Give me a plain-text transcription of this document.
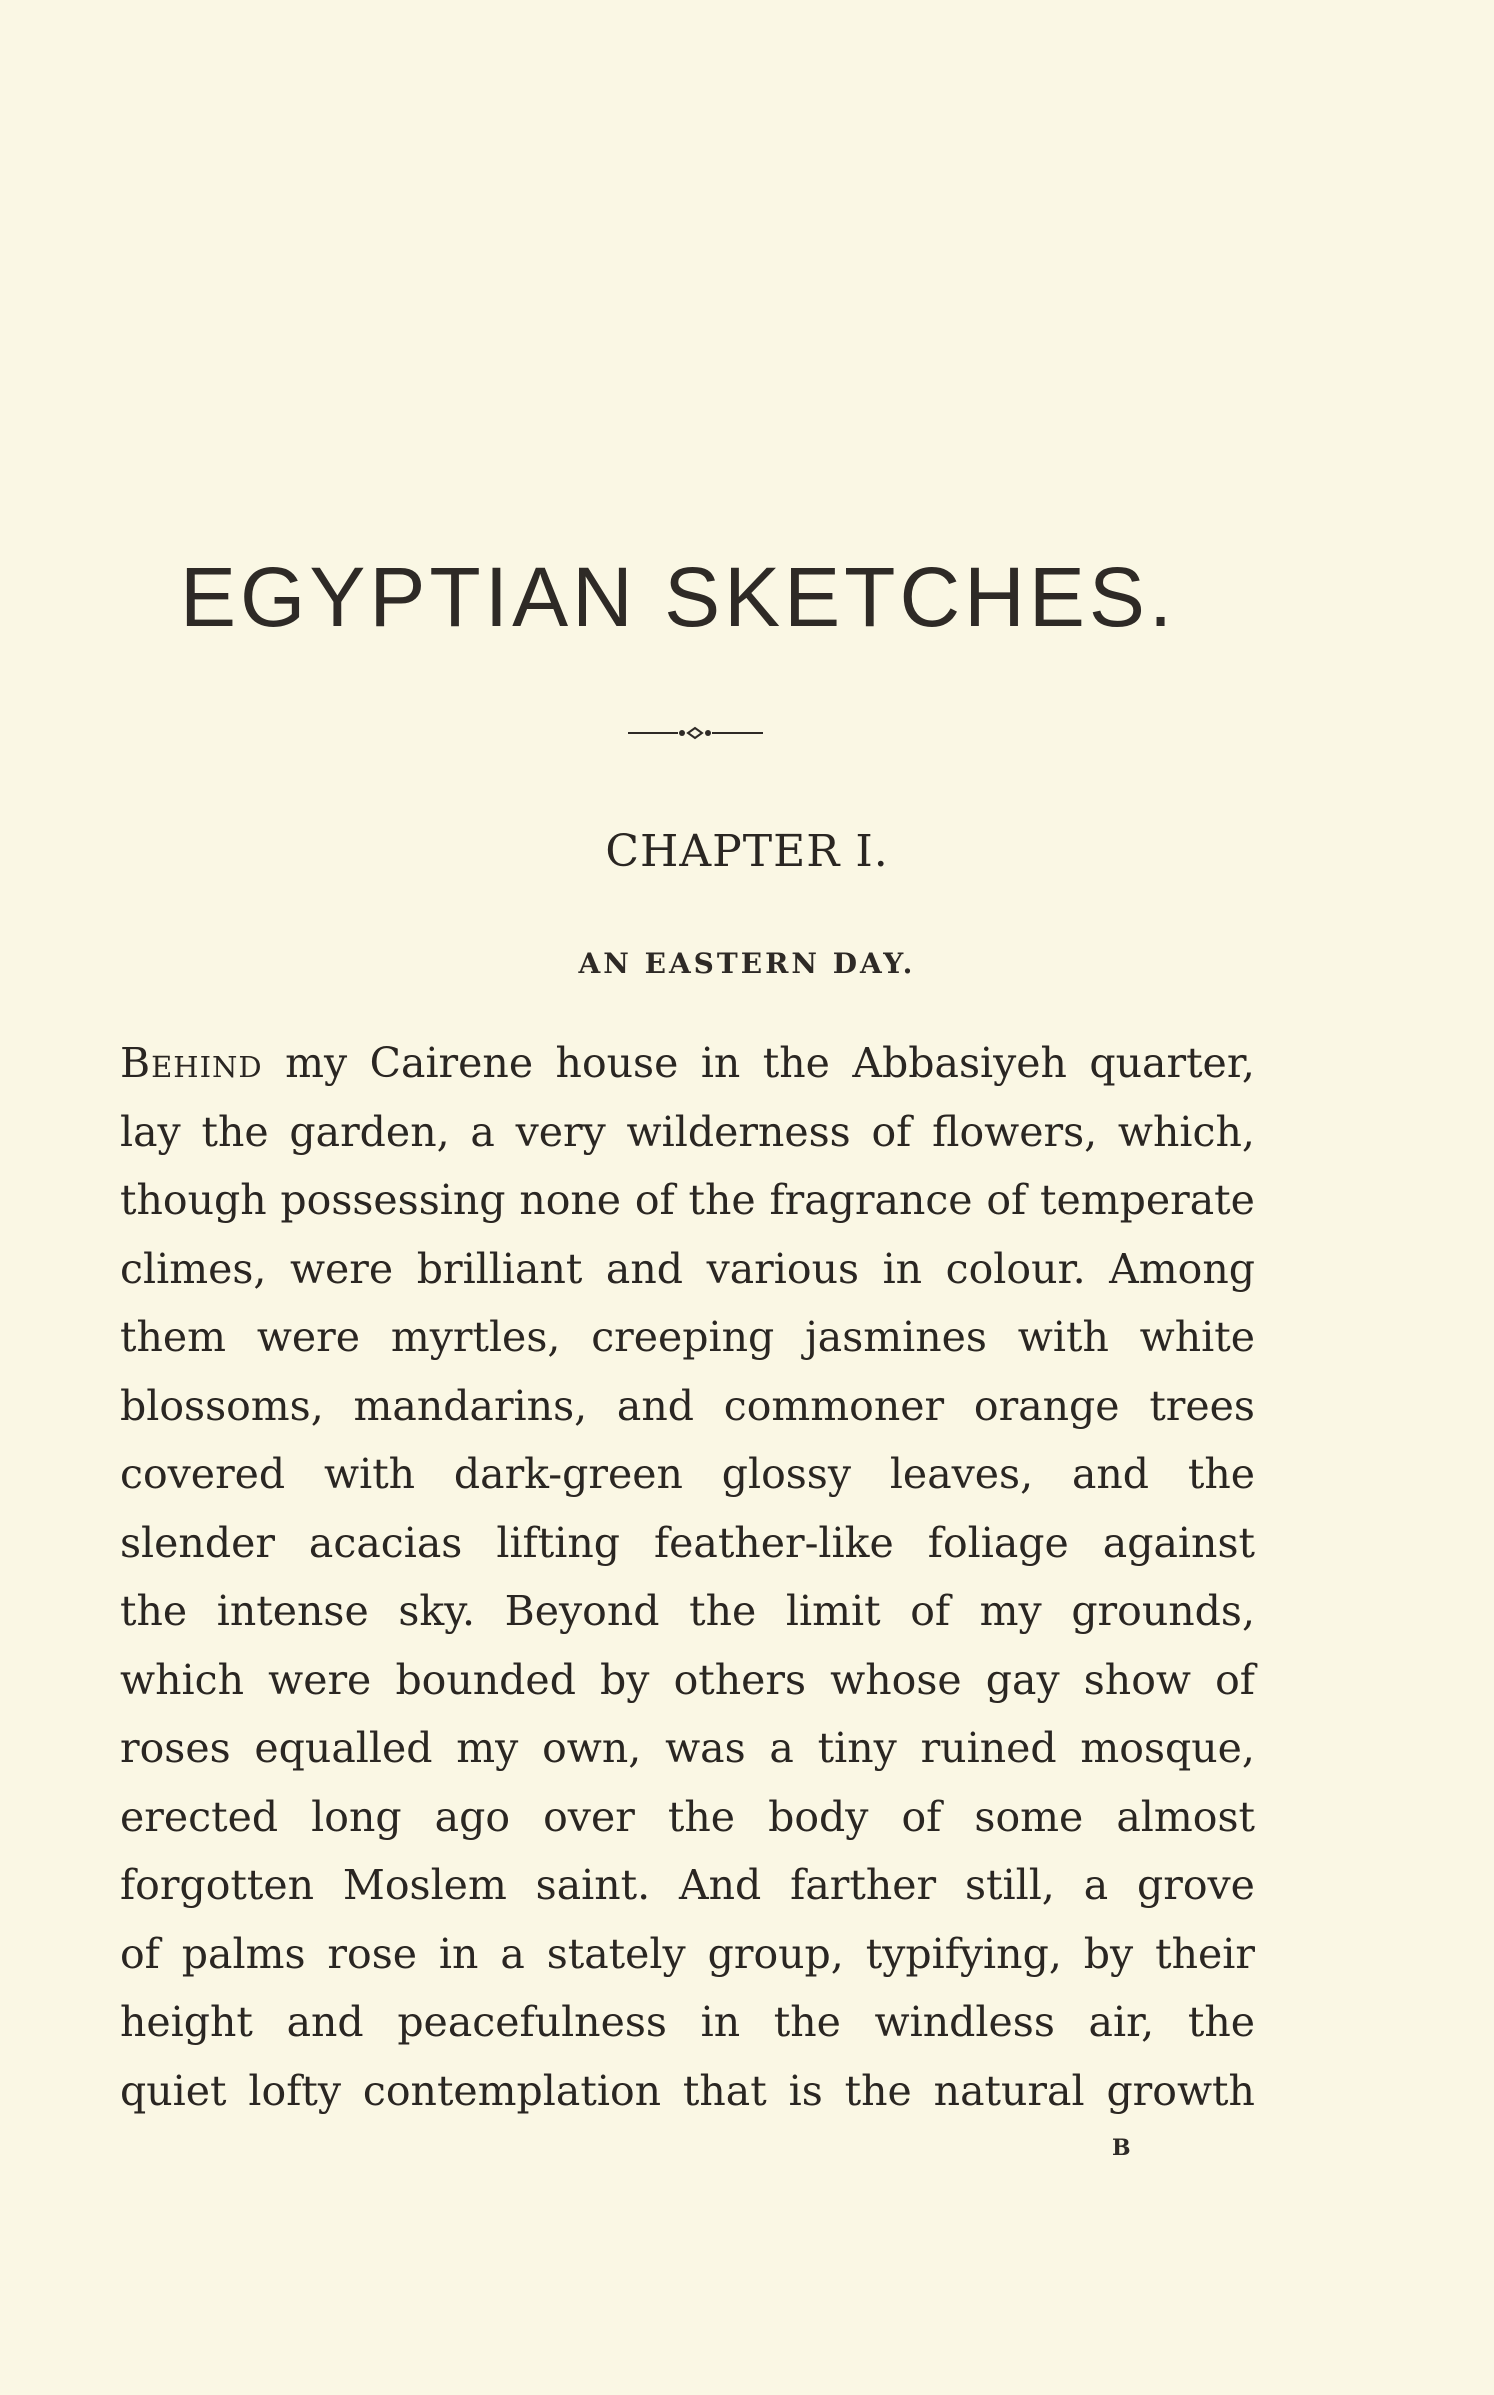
EGYPTIAN SKETCHES.
CHAPTER I.
AN EASTERN DAY.
Behind my Cairene house in the Abbasiyeh quarter,
lay the garden, a very wilderness of flowers, which,
though possessing none of the fragrance of temperate
climes, were brilliant and various in colour. Among
them were myrtles, creeping jasmines with white
blossoms, mandarins, and commoner orange trees
covered with dark-green glossy leaves, and the
slender acacias lifting feather-like foliage against
the intense sky. Beyond the limit of my grounds,
which were bounded by others whose gay show of
roses equalled my own, was a tiny ruined mosque,
erected long ago over the body of some almost
forgotten Moslem saint. And farther still, a grove
of palms rose in a stately group, typifying, by their
height and peacefulness in the windless air, the
quiet lofty contemplation that is the natural growth
B
